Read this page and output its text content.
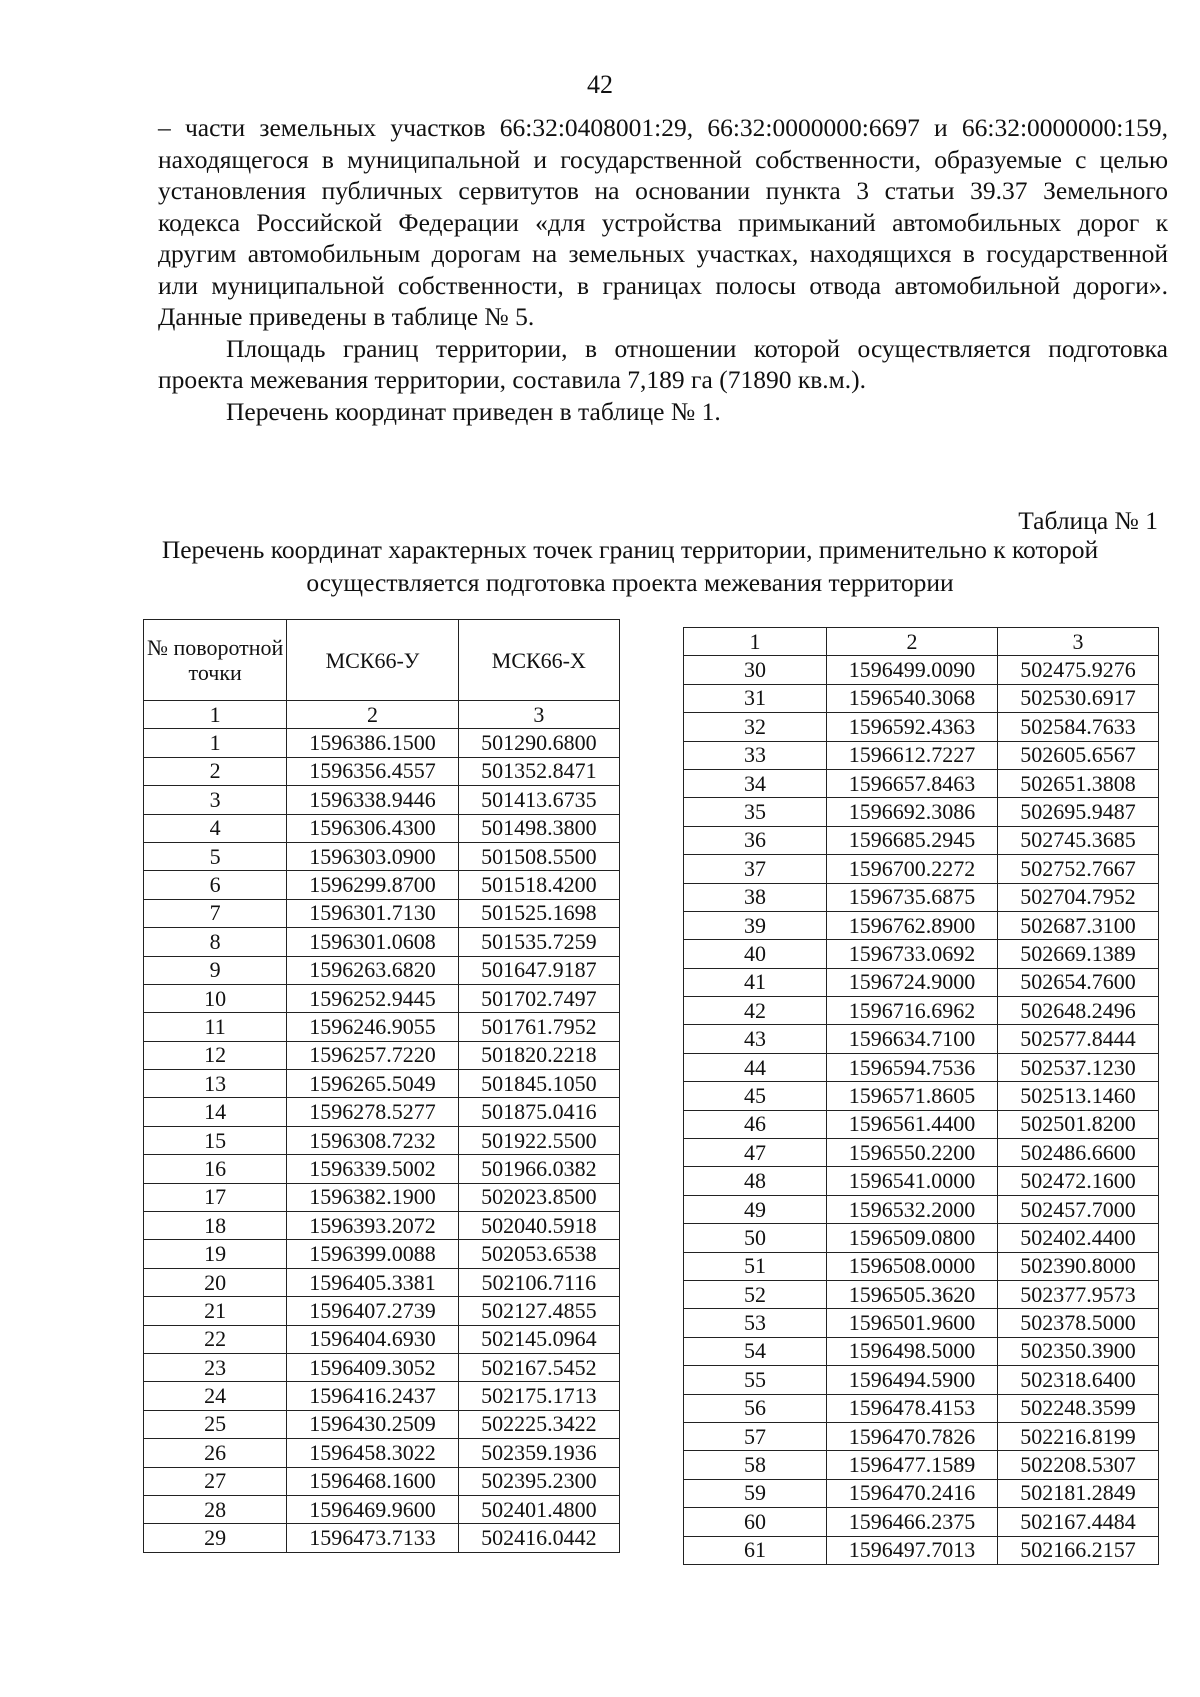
42

– части земельных участков 66:32:0408001:29, 66:32:0000000:6697 и 66:32:0000000:159, находящегося в муниципальной и государственной собственности, образуемые с целью установления публичных сервитутов на основании пункта 3 статьи 39.37 Земельного кодекса Российской Федерации «для устройства примыканий автомобильных дорог к другим автомобильным дорогам на земельных участках, находящихся в государственной или муниципальной собственности, в границах полосы отвода автомобильной дороги». Данные приведены в таблице № 5.

Площадь границ территории, в отношении которой осуществляется подготовка проекта межевания территории, составила 7,189 га (71890 кв.м.).

Перечень координат приведен в таблице № 1.

Таблица № 1
Перечень координат характерных точек границ территории, применительно к которой осуществляется подготовка проекта межевания территории
№ поворотной точки	МСК66-У	МСК66-Х
1	2	3
1	1596386.1500	501290.6800
2	1596356.4557	501352.8471
3	1596338.9446	501413.6735
4	1596306.4300	501498.3800
5	1596303.0900	501508.5500
6	1596299.8700	501518.4200
7	1596301.7130	501525.1698
8	1596301.0608	501535.7259
9	1596263.6820	501647.9187
10	1596252.9445	501702.7497
11	1596246.9055	501761.7952
12	1596257.7220	501820.2218
13	1596265.5049	501845.1050
14	1596278.5277	501875.0416
15	1596308.7232	501922.5500
16	1596339.5002	501966.0382
17	1596382.1900	502023.8500
18	1596393.2072	502040.5918
19	1596399.0088	502053.6538
20	1596405.3381	502106.7116
21	1596407.2739	502127.4855
22	1596404.6930	502145.0964
23	1596409.3052	502167.5452
24	1596416.2437	502175.1713
25	1596430.2509	502225.3422
26	1596458.3022	502359.1936
27	1596468.1600	502395.2300
28	1596469.9600	502401.4800
29	1596473.7133	502416.0442
1	2	3
30	1596499.0090	502475.9276
31	1596540.3068	502530.6917
32	1596592.4363	502584.7633
33	1596612.7227	502605.6567
34	1596657.8463	502651.3808
35	1596692.3086	502695.9487
36	1596685.2945	502745.3685
37	1596700.2272	502752.7667
38	1596735.6875	502704.7952
39	1596762.8900	502687.3100
40	1596733.0692	502669.1389
41	1596724.9000	502654.7600
42	1596716.6962	502648.2496
43	1596634.7100	502577.8444
44	1596594.7536	502537.1230
45	1596571.8605	502513.1460
46	1596561.4400	502501.8200
47	1596550.2200	502486.6600
48	1596541.0000	502472.1600
49	1596532.2000	502457.7000
50	1596509.0800	502402.4400
51	1596508.0000	502390.8000
52	1596505.3620	502377.9573
53	1596501.9600	502378.5000
54	1596498.5000	502350.3900
55	1596494.5900	502318.6400
56	1596478.4153	502248.3599
57	1596470.7826	502216.8199
58	1596477.1589	502208.5307
59	1596470.2416	502181.2849
60	1596466.2375	502167.4484
61	1596497.7013	502166.2157
